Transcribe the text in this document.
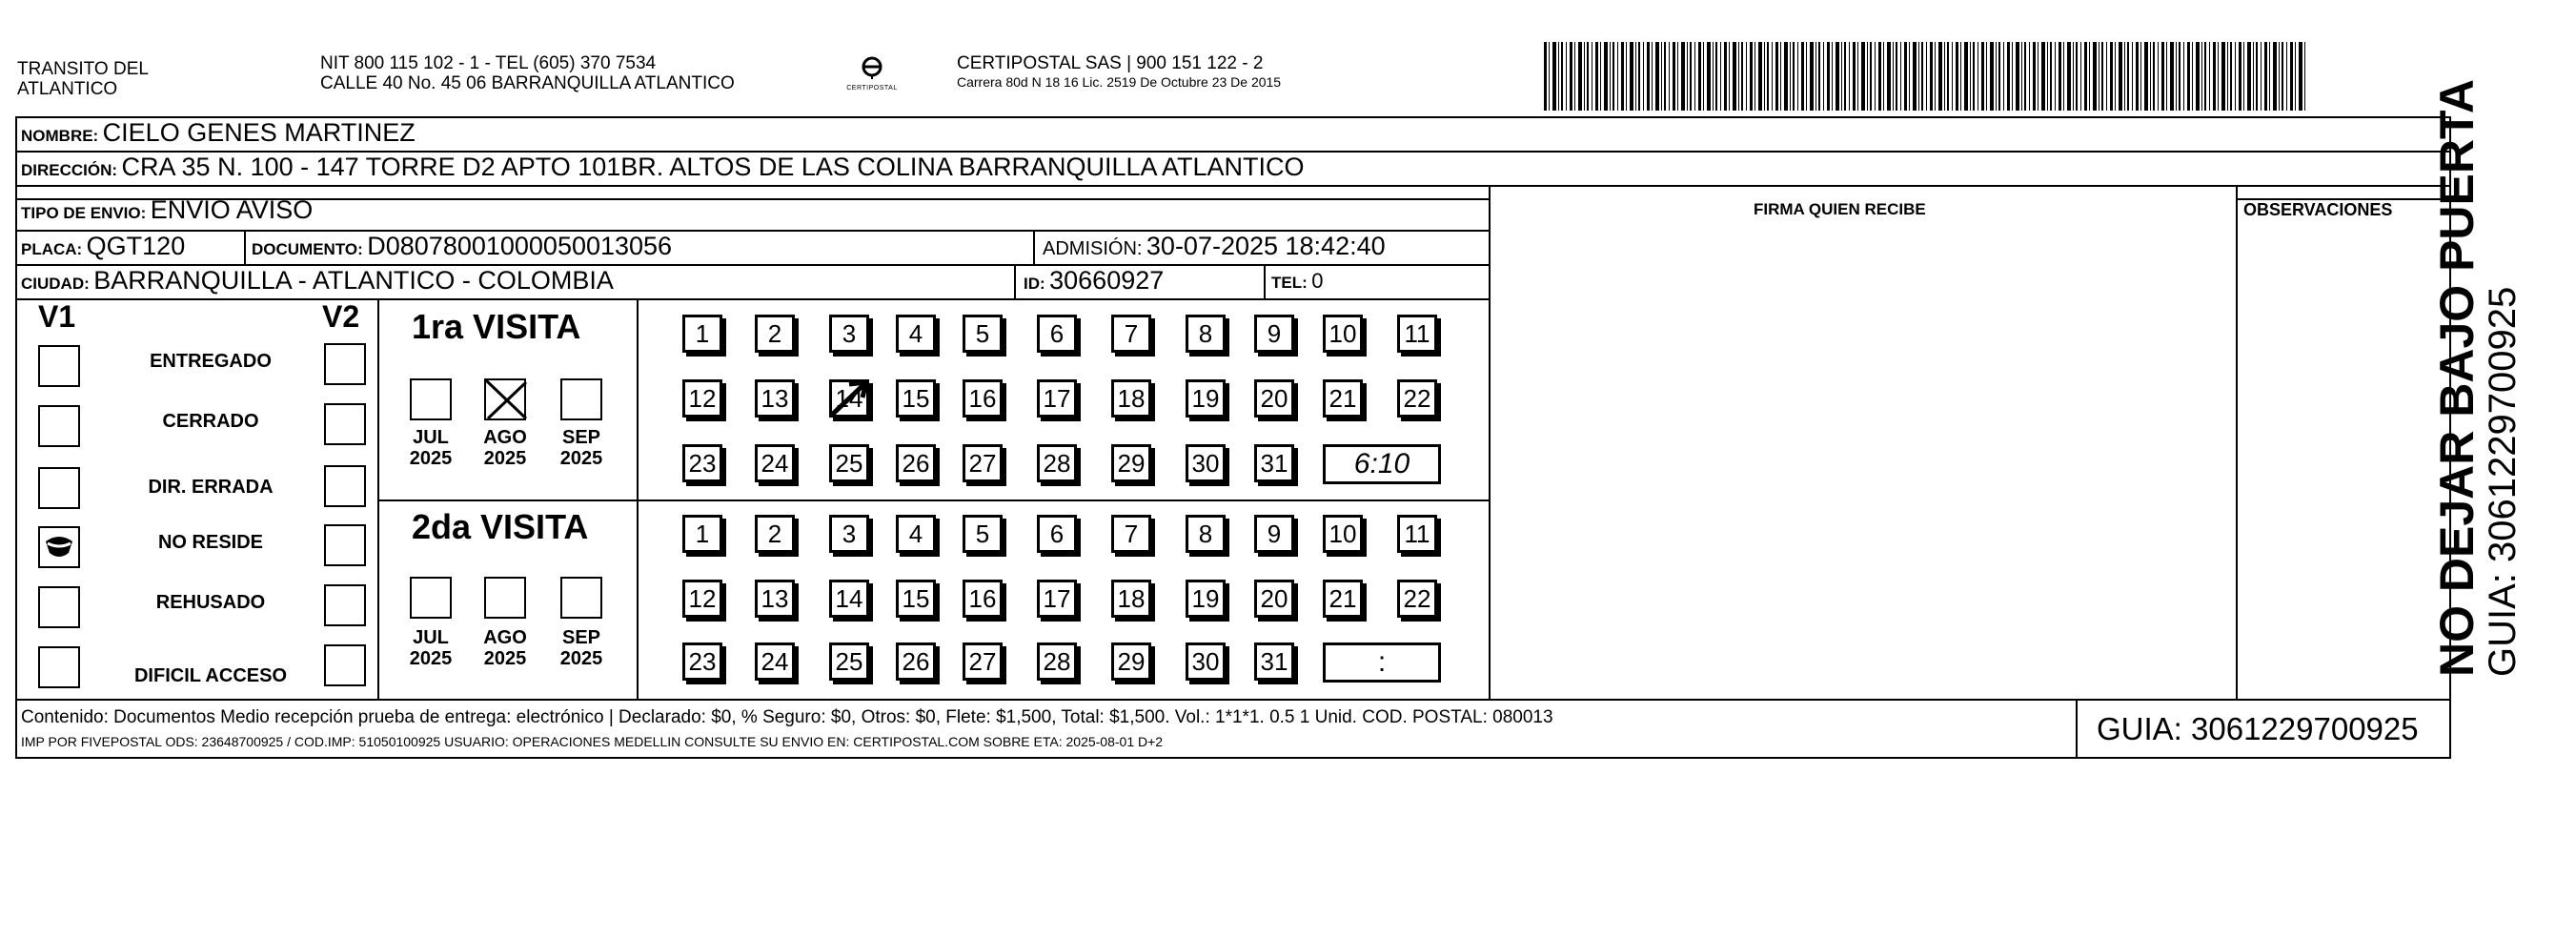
TRANSITO DEL
ATLANTICO
NIT 800 115 102 - 1 - TEL (605) 370 7534
CALLE 40 No. 45 06 BARRANQUILLA ATLANTICO	CERTIPOSTAL
CERTIPOSTAL SAS | 900 151 122 - 2
Carrera 80d N 18 16 Lic. 2519 De Octubre 23 De 2015
NOMBRE: CIELO GENES MARTINEZ
DIRECCIÓN: CRA 35 N. 100 - 147 TORRE D2 APTO 101BR. ALTOS DE LAS COLINA BARRANQUILLA ATLANTICO
TIPO DE ENVIO: ENVIO AVISO	FIRMA QUIEN RECIBE	OBSERVACIONES
PLACA: QGT120	DOCUMENTO: D08078001000050013056	ADMISIÓN: 30-07-2025 18:42:40
CIUDAD: BARRANQUILLA - ATLANTICO - COLOMBIA	ID: 30660927	TEL: 0
V1	V2
ENTREGADO
CERRADO
DIR. ERRADA
NO RESIDE
REHUSADO
DIFICIL ACCESO
1ra VISITA
2da VISITA
JUL
2025
AGO
2025
SEP
2025
JUL
2025
AGO
2025
SEP
2025
1 2 3 4 5 6 7 8 9 10 11
12 13 14 15 16 17 18 19 20 21 22
23 24 25 26 27 28 29 30 31	6:10
1 2 3 4 5 6 7 8 9 10 11
12 13 14 15 16 17 18 19 20 21 22
23 24 25 26 27 28 29 30 31	:
Contenido: Documentos Medio recepción prueba de entrega: electrónico | Declarado: $0, % Seguro: $0, Otros: $0, Flete: $1,500, Total: $1,500. Vol.: 1*1*1. 0.5 1 Unid. COD. POSTAL: 080013
IMP POR FIVEPOSTAL ODS: 23648700925 / COD.IMP: 51050100925 USUARIO: OPERACIONES MEDELLIN CONSULTE SU ENVIO EN: CERTIPOSTAL.COM SOBRE ETA: 2025-08-01 D+2	GUIA: 3061229700925
NO DEJAR BAJO PUERTA
GUIA: 3061229700925
